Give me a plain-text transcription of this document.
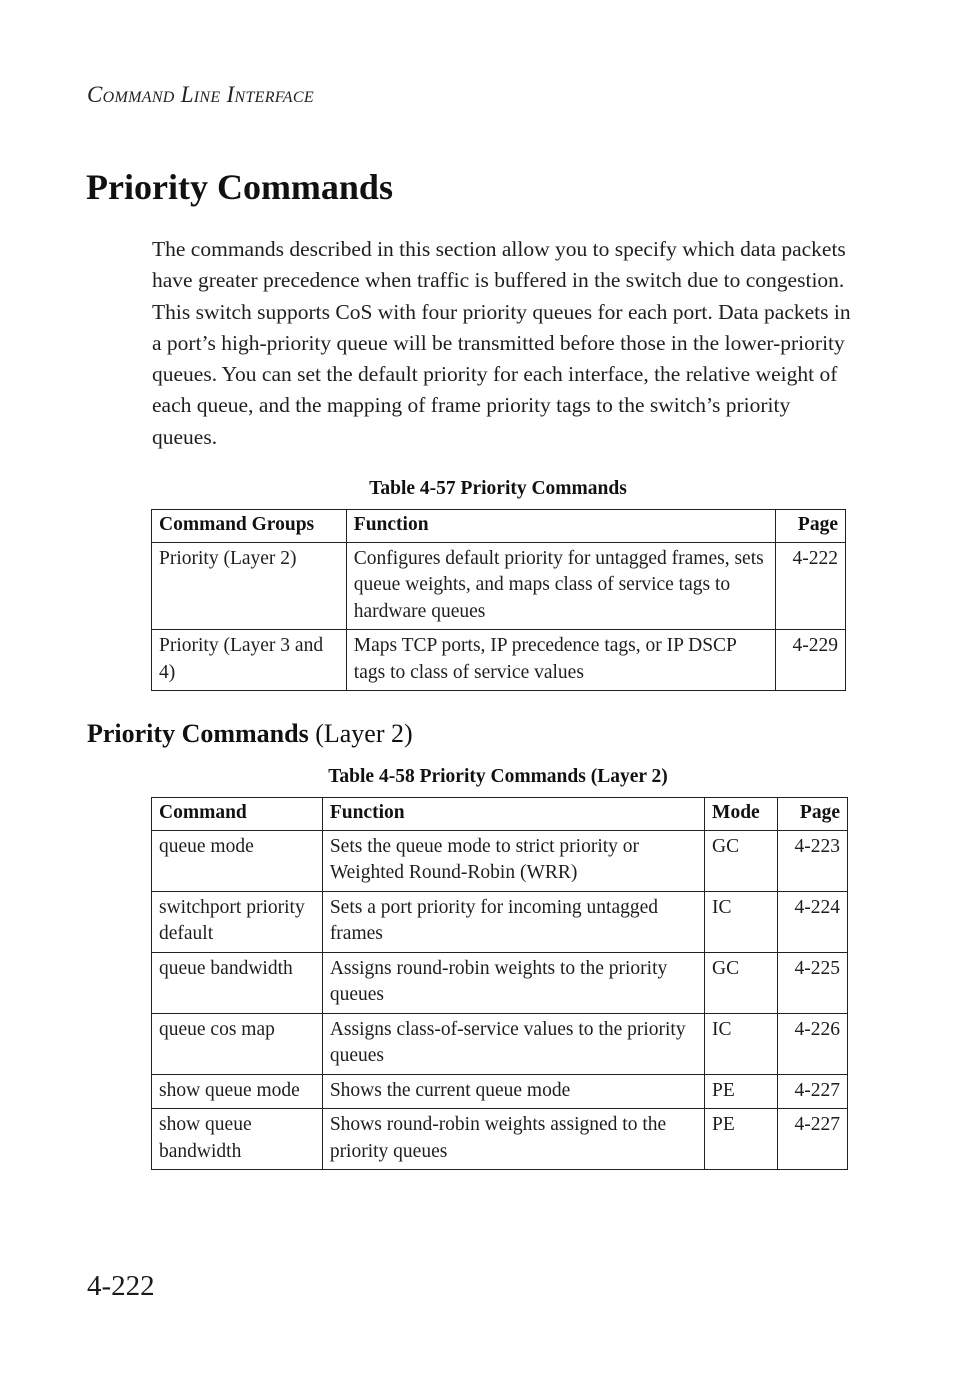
Command Line Interface
Priority Commands

The commands described in this section allow you to specify which data packets have greater precedence when traffic is buffered in the switch due to congestion. This switch supports CoS with four priority queues for each port. Data packets in a port’s high-priority queue will be transmitted before those in the lower-priority queues. You can set the default priority for each interface, the relative weight of each queue, and the mapping of frame priority tags to the switch’s priority queues.

Table 4-57 Priority Commands
Command Groups	Function	Page
Priority (Layer 2)	Configures default priority for untagged frames, sets queue weights, and maps class of service tags to hardware queues	4-222
Priority (Layer 3 and 4)	Maps TCP ports, IP precedence tags, or IP DSCP tags to class of service values	4-229
Priority Commands (Layer 2)
Table 4-58 Priority Commands (Layer 2)
Command	Function	Mode	Page
queue mode	Sets the queue mode to strict priority or Weighted Round-Robin (WRR)	GC	4-223
switchport priority default	Sets a port priority for incoming untagged frames	IC	4-224
queue bandwidth	Assigns round-robin weights to the priority queues	GC	4-225
queue cos map	Assigns class-of-service values to the priority queues	IC	4-226
show queue mode	Shows the current queue mode	PE	4-227
show queue bandwidth	Shows round-robin weights assigned to the priority queues	PE	4-227
4-222
